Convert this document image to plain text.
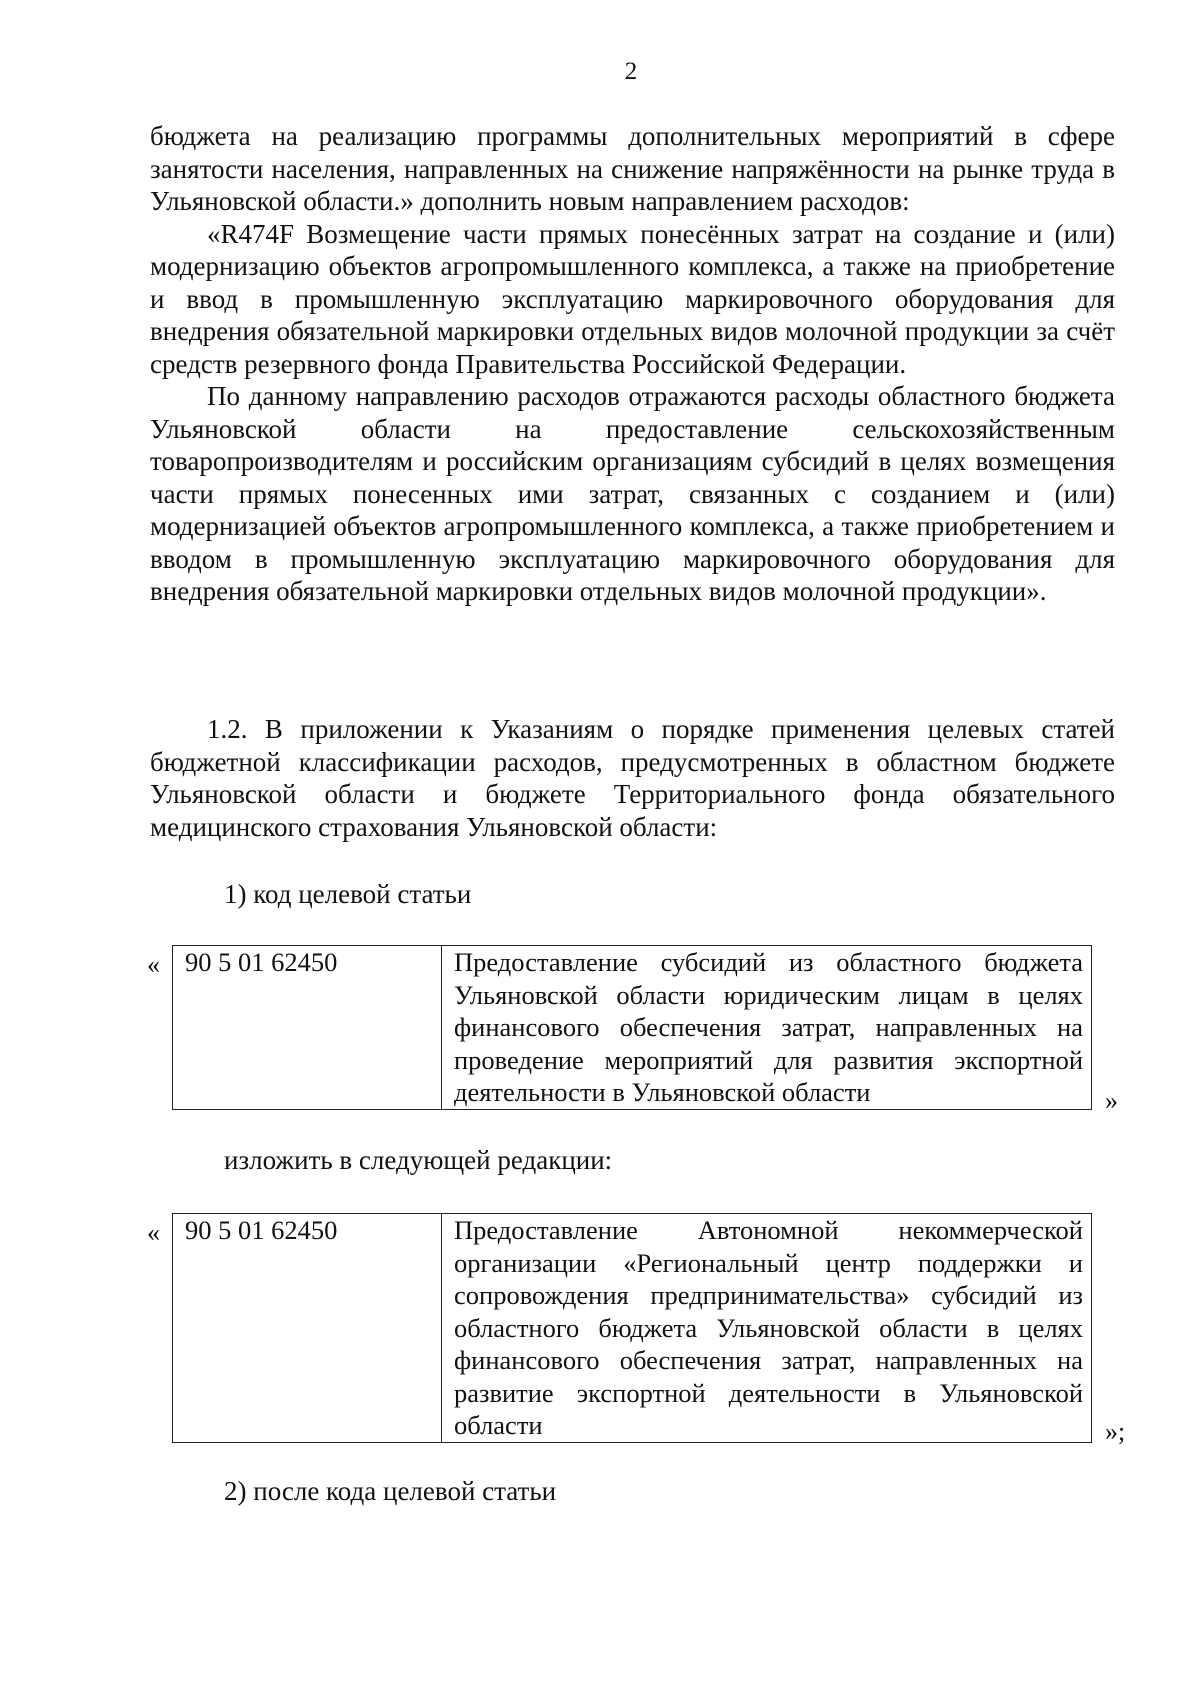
2

бюджета на реализацию программы дополнительных мероприятий в сфере занятости населения, направленных на снижение напряжённости на рынке труда в Ульяновской области.» дополнить новым направлением расходов:

«R474F Возмещение части прямых понесённых затрат на создание и (или) модернизацию объектов агропромышленного комплекса, а также на приобретение и ввод в промышленную эксплуатацию маркировочного оборудования для внедрения обязательной маркировки отдельных видов молочной продукции за счёт средств резервного фонда Правительства Российской Федерации.

По данному направлению расходов отражаются расходы областного бюджета Ульяновской области на предоставление сельскохозяйственным товаропроизводителям и российским организациям субсидий в целях возмещения части прямых понесенных ими затрат, связанных с созданием и (или) модернизацией объектов агропромышленного комплекса, а также приобретением и вводом в промышленную эксплуатацию маркировочного оборудования для внедрения обязательной маркировки отдельных видов молочной продукции».

1.2. В приложении к Указаниям о порядке применения целевых статей бюджетной классификации расходов, предусмотренных в областном бюджете Ульяновской области и бюджете Территориального фонда обязательного медицинского страхования Ульяновской области:

1) код целевой статьи
« 90 5 01 62450	Предоставление субсидий из областного бюджета Ульяновской области юридическим лицам в целях финансового обеспечения затрат, направленных на проведение мероприятий для развития экспортной деятельности в Ульяновской области	»
изложить в следующей редакции:
« 90 5 01 62450	Предоставление Автономной некоммерческой организации «Региональный центр поддержки и сопровождения предпринимательства» субсидий из областного бюджета Ульяновской области в целях финансового обеспечения затрат, направленных на развитие экспортной деятельности в Ульяновской области	»;
2) после кода целевой статьи
